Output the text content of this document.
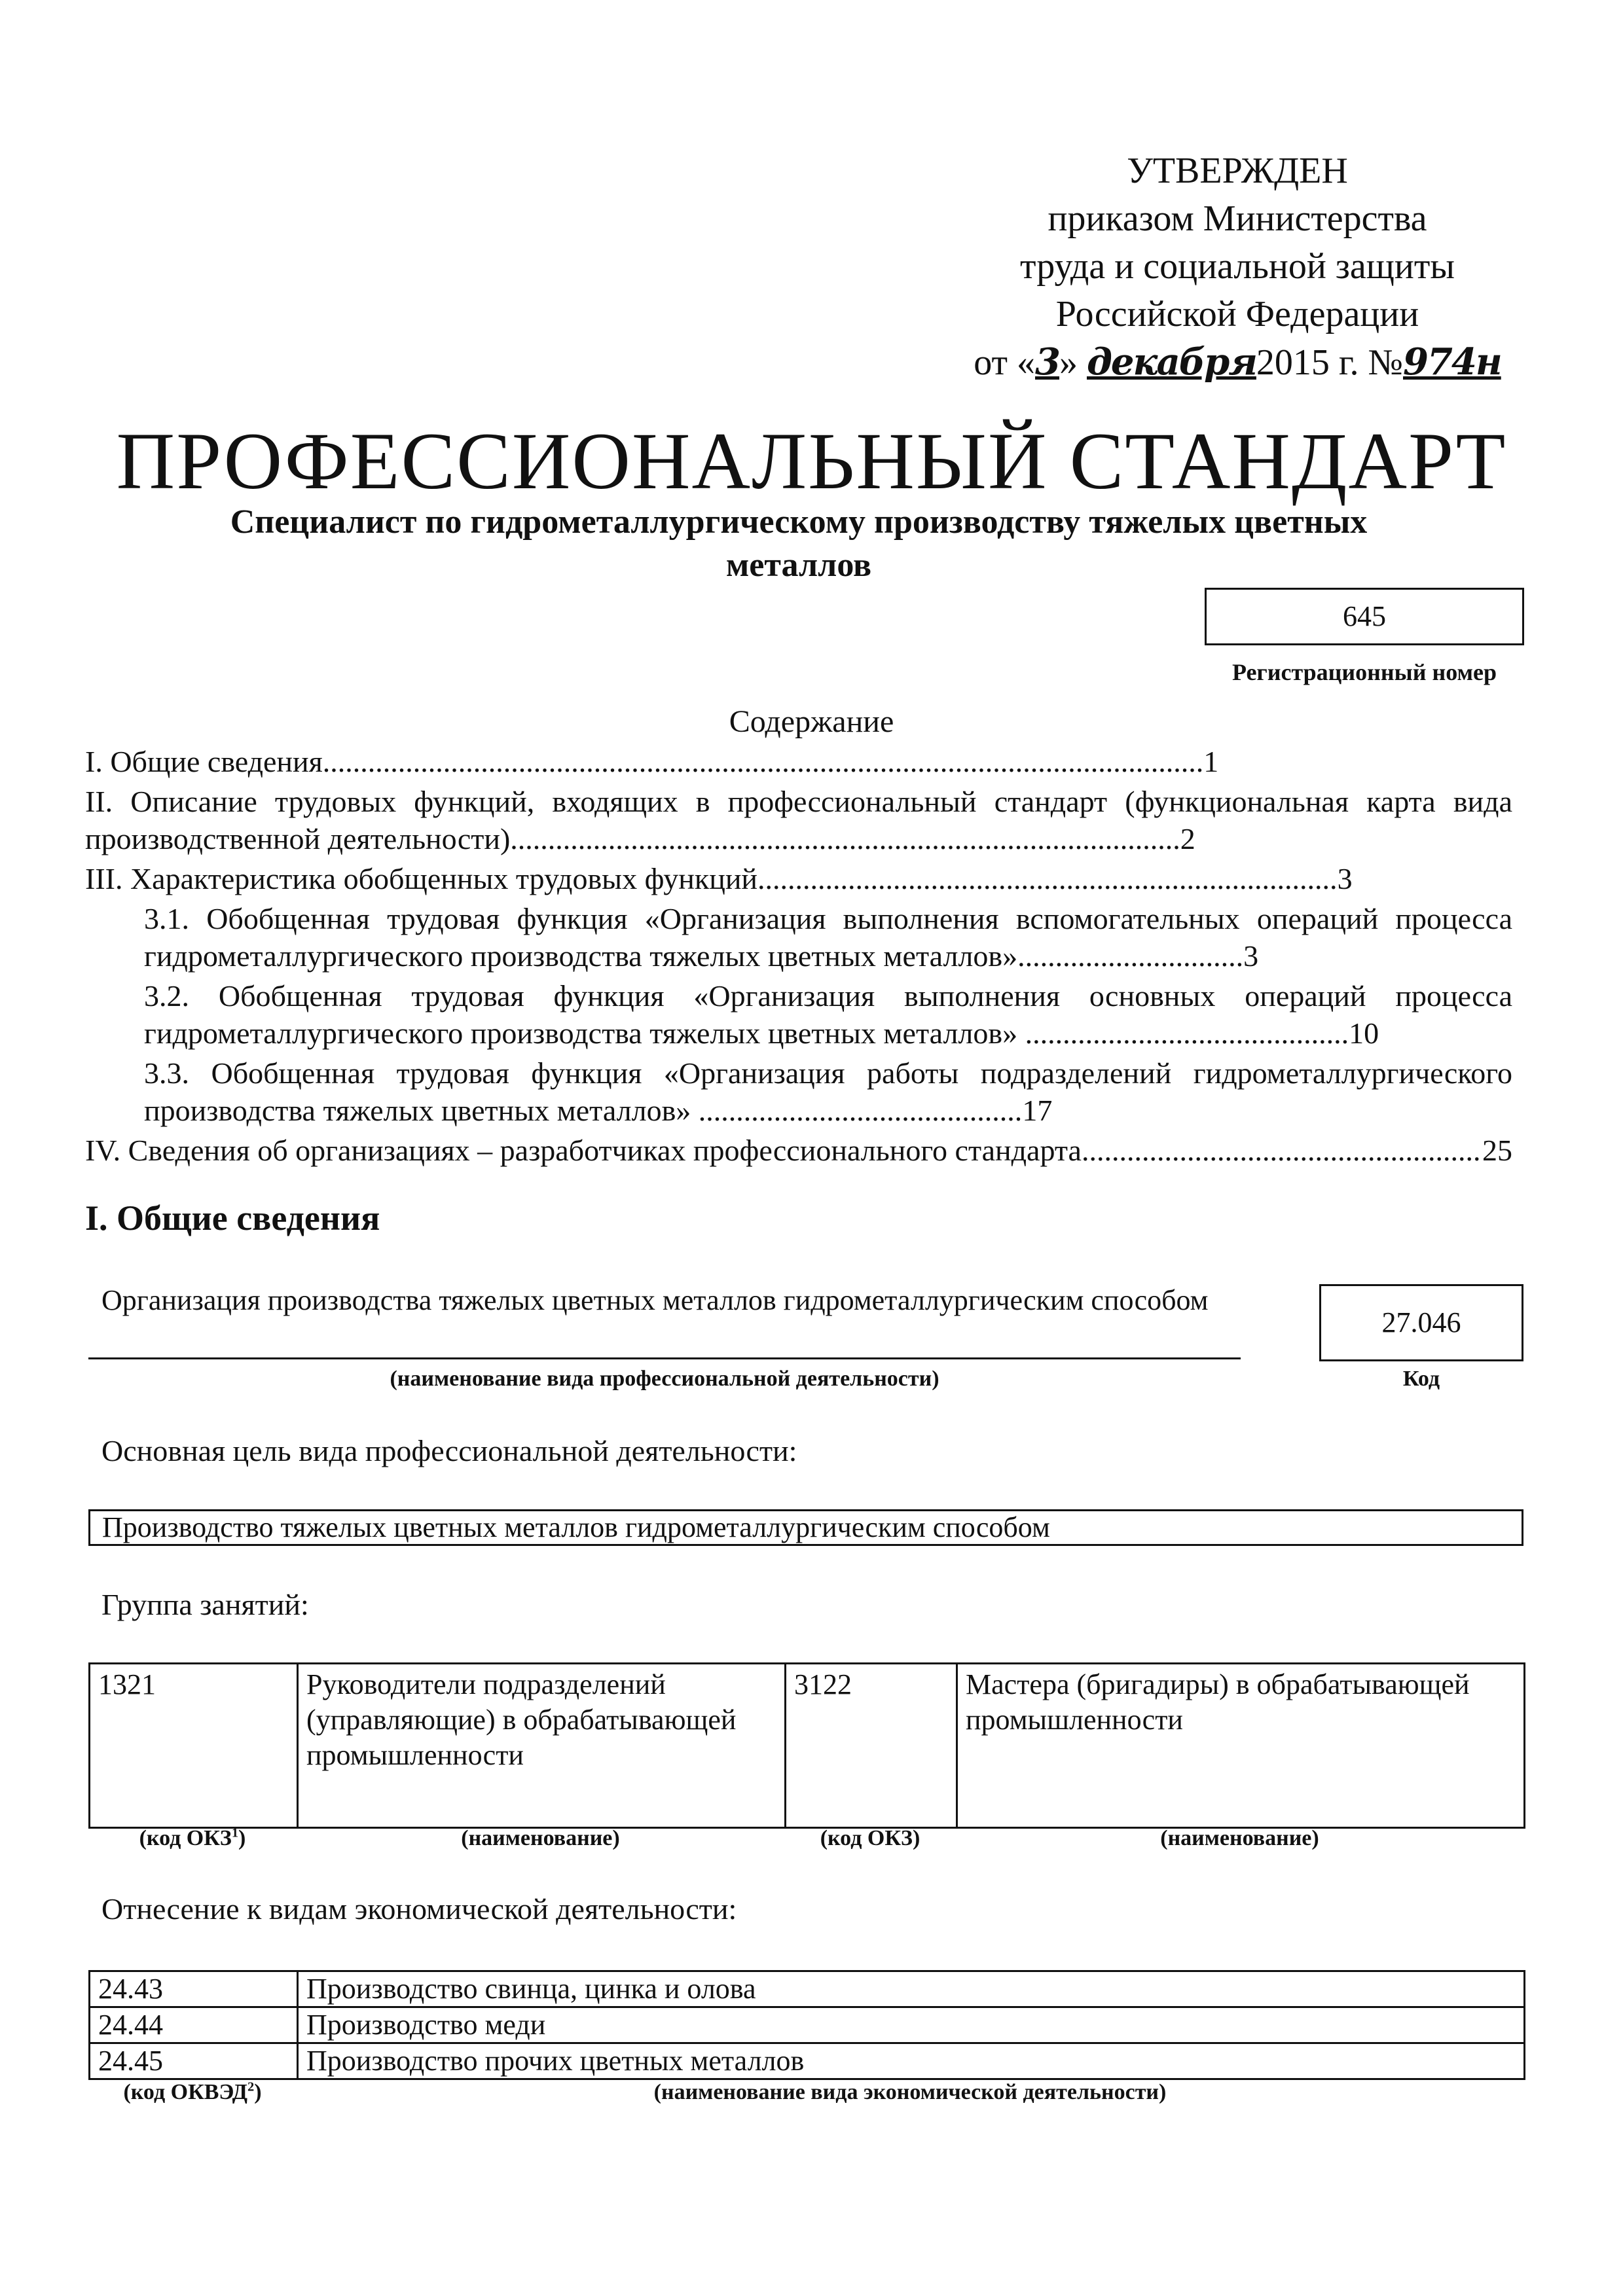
УТВЕРЖДЕН
приказом Министерства
труда и социальной защиты
Российской Федерации
от «3» декабря2015 г. №974н
ПРОФЕССИОНАЛЬНЫЙ СТАНДАРТ
Специалист по гидрометаллургическому производству тяжелых цветных металлов
645
Регистрационный номер
Содержание
I. Общие сведения.....................................................................................................................1
II. Описание трудовых функций, входящих в профессиональный стандарт (функциональная карта вида производственной деятельности).........................................................................................2
III. Характеристика обобщенных трудовых функций.............................................................................3
3.1. Обобщенная трудовая функция «Организация выполнения вспомогательных операций процесса гидрометаллургического производства тяжелых цветных металлов»..............................3
3.2. Обобщенная трудовая функция «Организация выполнения основных операций процесса гидрометаллургического производства тяжелых цветных металлов» ...........................................10
3.3. Обобщенная трудовая функция «Организация работы подразделений гидрометаллургического производства тяжелых цветных металлов» ...........................................17
IV. Сведения об организациях – разработчиках профессионального стандарта .....	25
I. Общие сведения
Организация производства тяжелых цветных металлов гидрометаллургическим способом
(наименование вида профессиональной деятельности)
27.046
Код
Основная цель вида профессиональной деятельности:
Производство тяжелых цветных металлов гидрометаллургическим способом
Группа занятий:
1321	Руководители подразделений (управляющие) в обрабатывающей промышленности	3122	Мастера (бригадиры) в обрабатывающей промышленности
(код ОКЗ$^1$)	(наименование)	(код ОКЗ)	(наименование)
Отнесение к видам экономической деятельности:
24.43	Производство свинца, цинка и олова
24.44	Производство меди
24.45	Производство прочих цветных металлов
(код ОКВЭД$^2$)	(наименование вида экономической деятельности)
